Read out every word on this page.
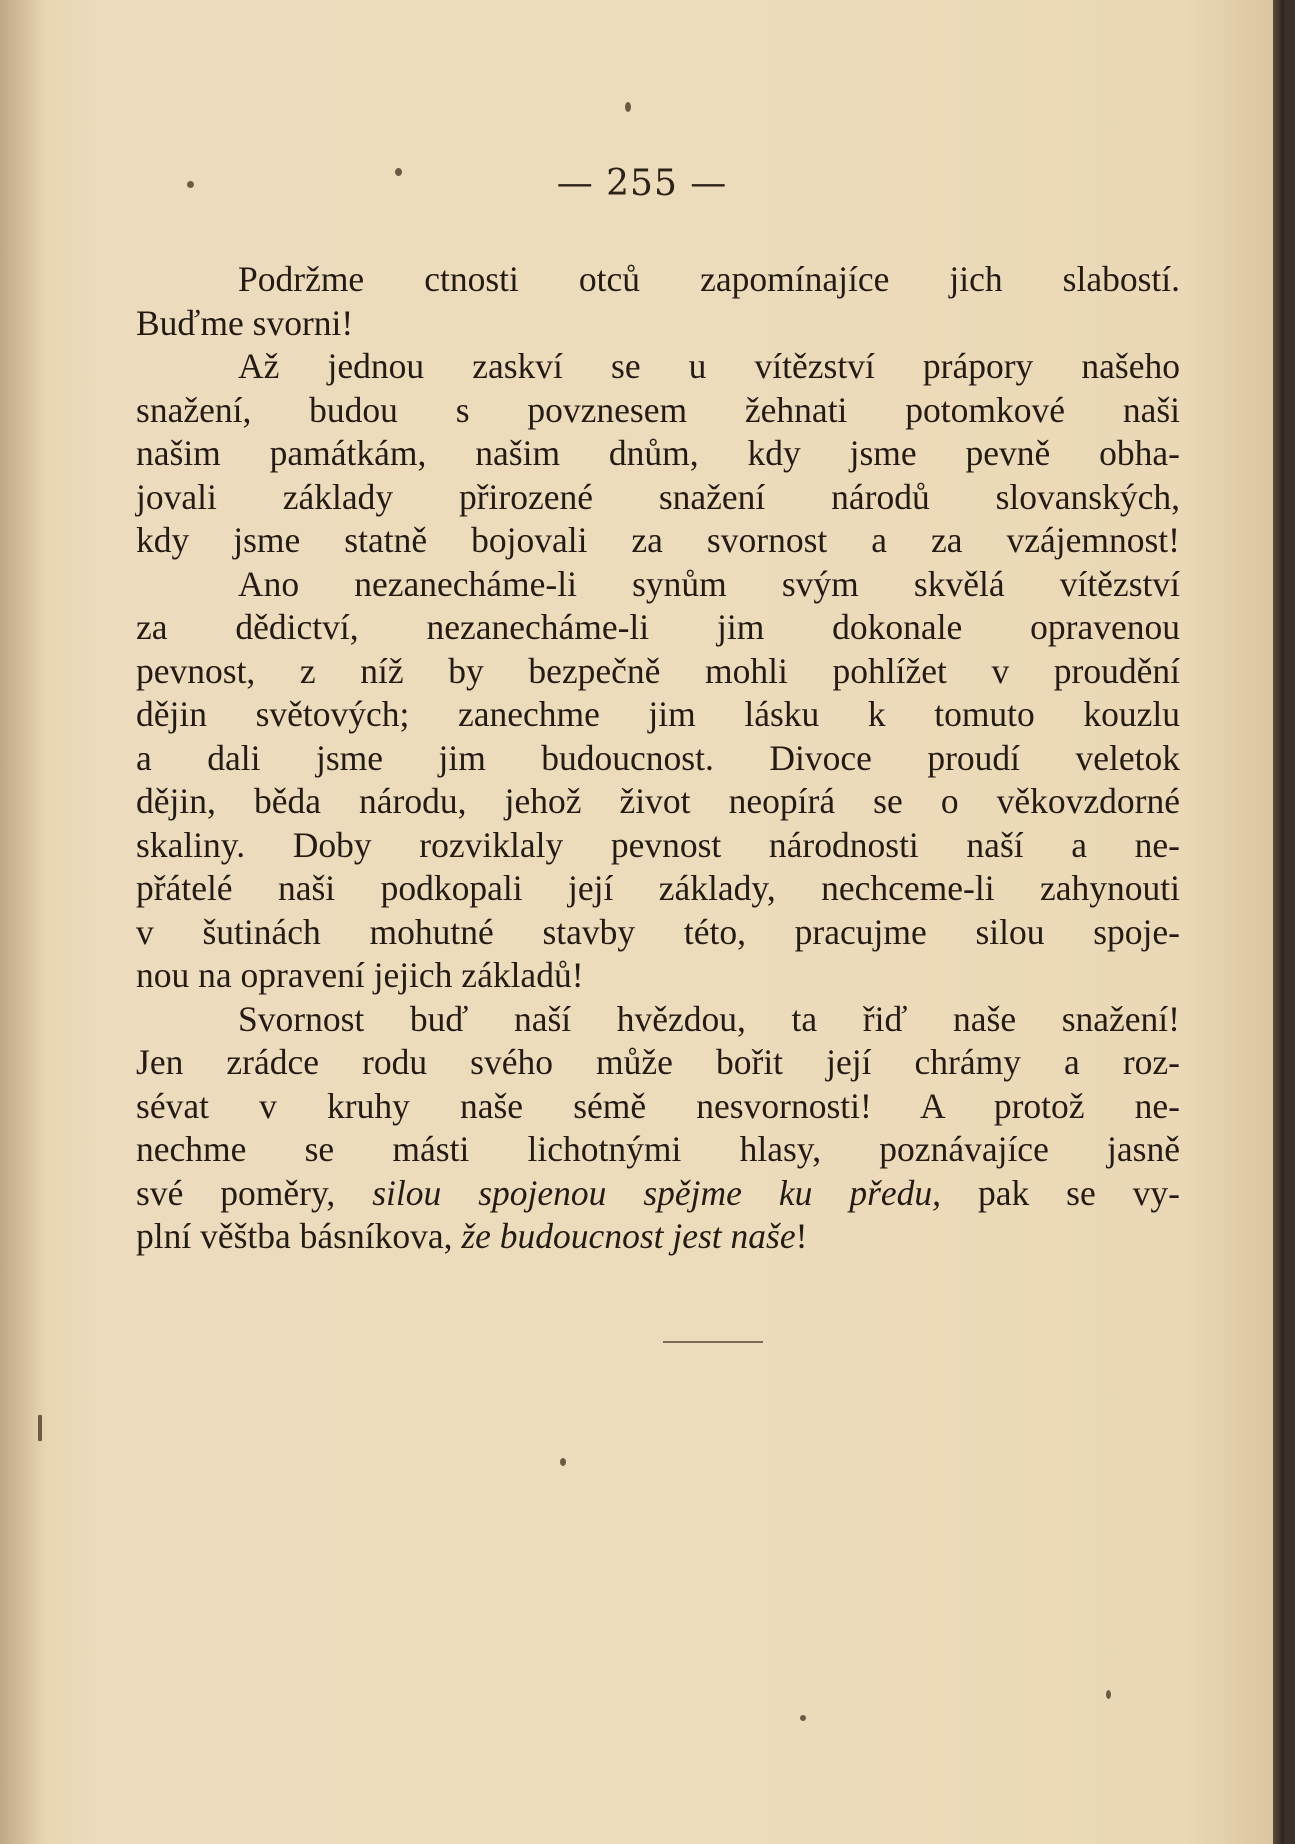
— 255 —
Podržme ctnosti otců zapomínajíce jich slabostí.
Buďme svorni!
Až jednou zaskví se u vítězství prápory našeho
snažení, budou s povznesem žehnati potomkové naši
našim památkám, našim dnům, kdy jsme pevně obha-
jovali základy přirozené snažení národů slovanských,
kdy jsme statně bojovali za svornost a za vzájemnost!
Ano nezanecháme-li synům svým skvělá vítězství
za dědictví, nezanecháme-li jim dokonale opravenou
pevnost, z níž by bezpečně mohli pohlížet v proudění
dějin světových; zanechme jim lásku k tomuto kouzlu
a dali jsme jim budoucnost. Divoce proudí veletok
dějin, běda národu, jehož život neopírá se o věkovzdorné
skaliny. Doby rozviklaly pevnost národnosti naší a ne-
přátelé naši podkopali její základy, nechceme-li zahynouti
v šutinách mohutné stavby této, pracujme silou spoje-
nou na opravení jejich základů!
Svornost buď naší hvězdou, ta řiď naše snažení!
Jen zrádce rodu svého může bořit její chrámy a roz-
sévat v kruhy naše sémě nesvornosti! A protož ne-
nechme se másti lichotnými hlasy, poznávajíce jasně
své poměry, silou spojenou spějme ku předu, pak se vy-
plní věštba básníkova, že budoucnost jest naše!
